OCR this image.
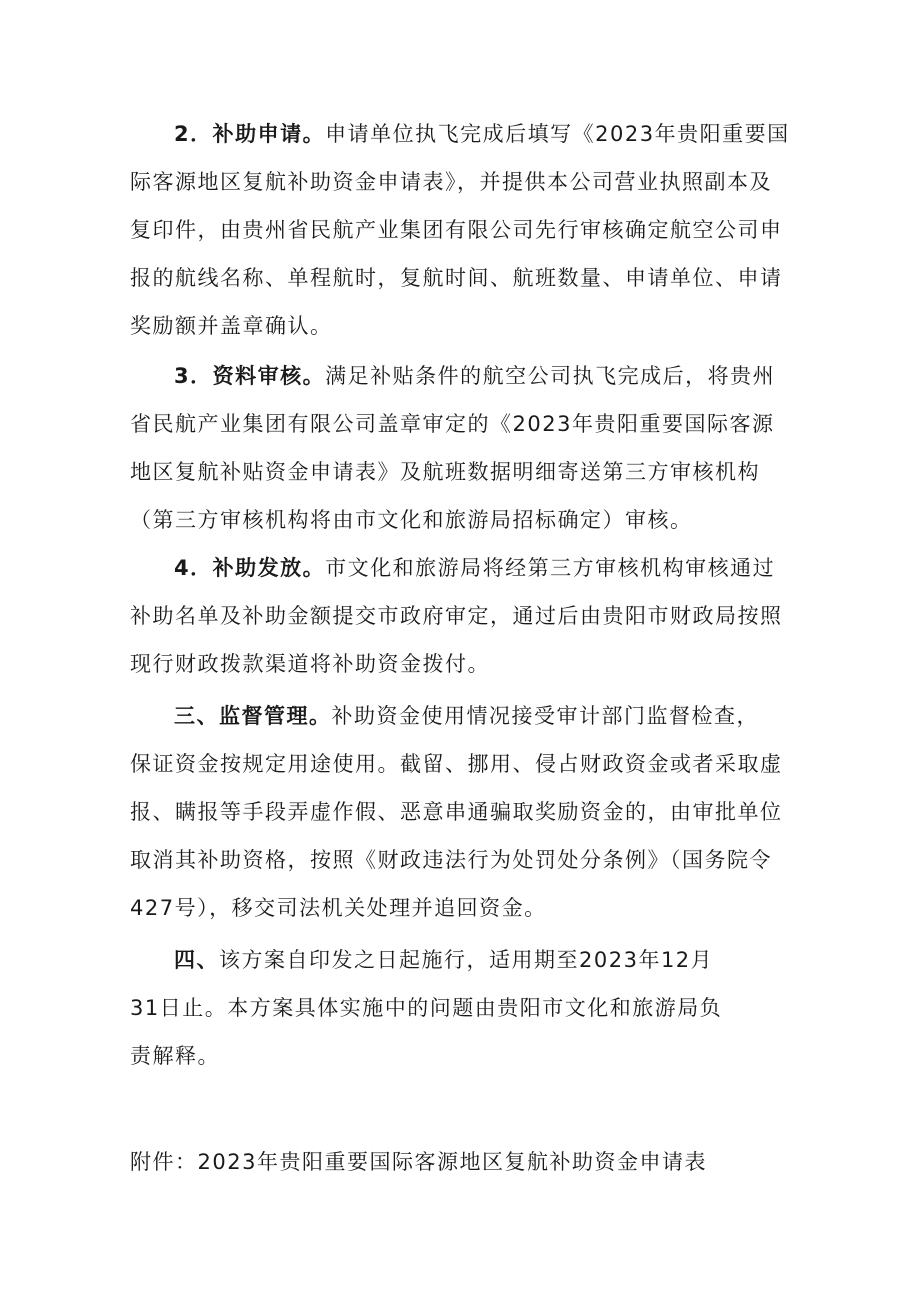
2．补助申请。申请单位执飞完成后填写《2023年贵阳重要国
际客源地区复航补助资金申请表》，并提供本公司营业执照副本及
复印件，由贵州省民航产业集团有限公司先行审核确定航空公司申
报的航线名称、单程航时，复航时间、航班数量、申请单位、申请
奖励额并盖章确认。
3．资料审核。满足补贴条件的航空公司执飞完成后，将贵州
省民航产业集团有限公司盖章审定的《2023年贵阳重要国际客源
地区复航补贴资金申请表》及航班数据明细寄送第三方审核机构
（第三方审核机构将由市文化和旅游局招标确定）审核。
4．补助发放。市文化和旅游局将经第三方审核机构审核通过
补助名单及补助金额提交市政府审定，通过后由贵阳市财政局按照
现行财政拨款渠道将补助资金拨付。
三、监督管理。补助资金使用情况接受审计部门监督检查，
保证资金按规定用途使用。截留、挪用、侵占财政资金或者采取虚
报、瞒报等手段弄虚作假、恶意串通骗取奖励资金的，由审批单位
取消其补助资格，按照《财政违法行为处罚处分条例》（国务院令
427号），移交司法机关处理并追回资金。
四、该方案自印发之日起施行，适用期至2023年12月
31日止。本方案具体实施中的问题由贵阳市文化和旅游局负
责解释。
附件：2023年贵阳重要国际客源地区复航补助资金申请表
